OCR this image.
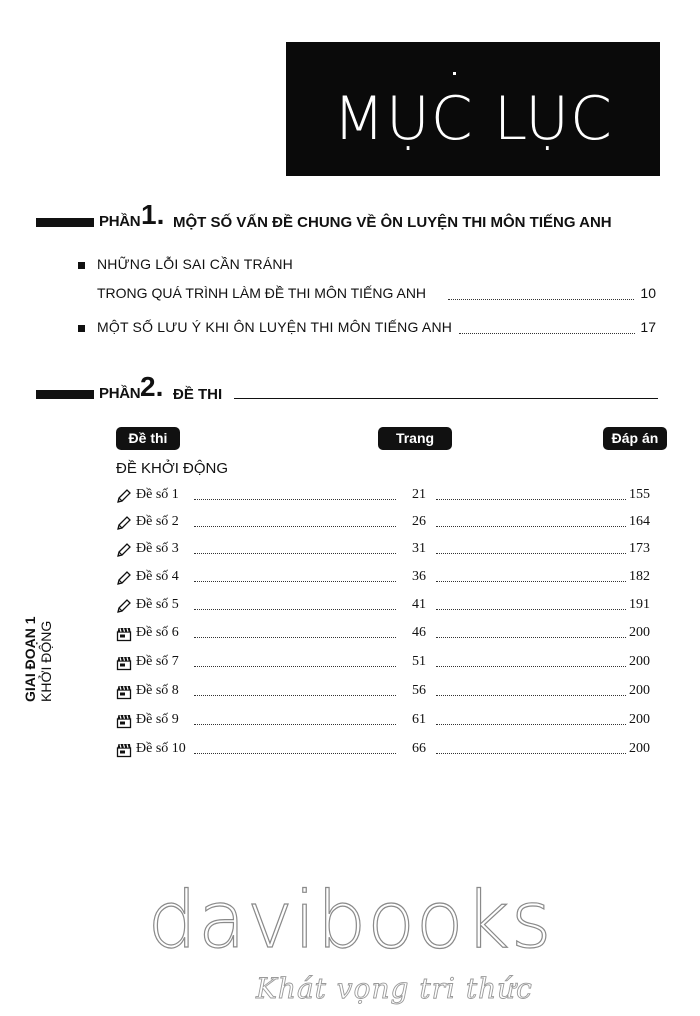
MỤC LỤC
PHẦN 1. MỘT SỐ VẤN ĐỀ CHUNG VỀ ÔN LUYỆN THI MÔN TIẾNG ANH
NHỮNG LỖI SAI CẦN TRÁNH
TRONG QUÁ TRÌNH LÀM ĐỀ THI MÔN TIẾNG ANH	10
MỘT SỐ LƯU Ý KHI ÔN LUYỆN THI MÔN TIẾNG ANH	17
PHẦN 2. ĐỀ THI
Đề thi	Trang	Đáp án
ĐỀ KHỞI ĐỘNG
GIAI ĐOẠN 1 KHỞI ĐỘNG
Đề số 1	21	155
Đề số 2	26	164
Đề số 3	31	173
Đề số 4	36	182
Đề số 5	41	191
Đề số 6	46	200
Đề số 7	51	200
Đề số 8	56	200
Đề số 9	61	200
Đề số 10	66	200
davibooks
Khát vọng tri thức
